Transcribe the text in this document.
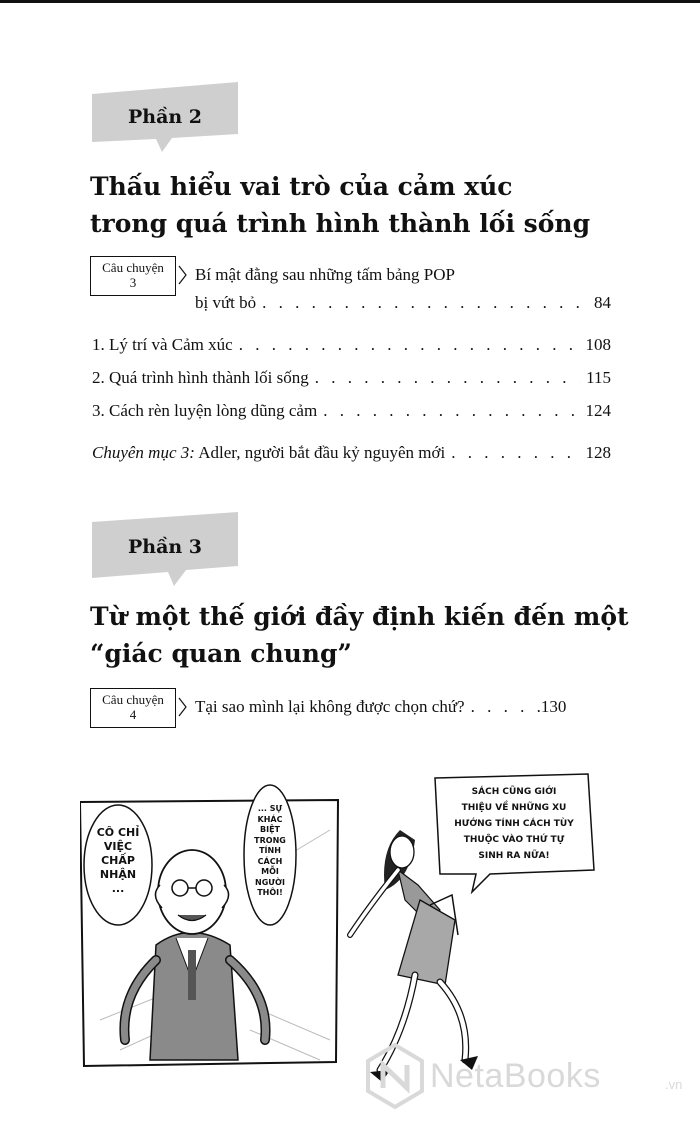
Phần 2
Thấu hiểu vai trò của cảm xúc
trong quá trình hình thành lối sống
Câu chuyện
3	Bí mật đằng sau những tấm bảng POP
bị vứt bỏ . . .	84
1. Lý trí và Cảm xúc . . .	108
2. Quá trình hình thành lối sống . . .	115
3. Cách rèn luyện lòng dũng cảm . . .	124
Chuyên mục 3: Adler, người bắt đầu kỷ nguyên mới . . .	128
Phần 3
Từ một thế giới đầy định kiến đến một
“giác quan chung”
Câu chuyện
4	Tại sao mình lại không được chọn chứ? . . .	.130
CÔ CHỈ
VIỆC
CHẤP
NHẬN
...
... SỰ
KHÁC
BIỆT
TRONG
TÍNH
CÁCH
MỖI
NGƯỜI
THÔI!
SÁCH CŨNG GIỚI
THIỆU VỀ NHỮNG XU
HƯỚNG TÍNH CÁCH TÙY
THUỘC VÀO THỨ TỰ
SINH RA NỮA!
NetaBooks	.vn
